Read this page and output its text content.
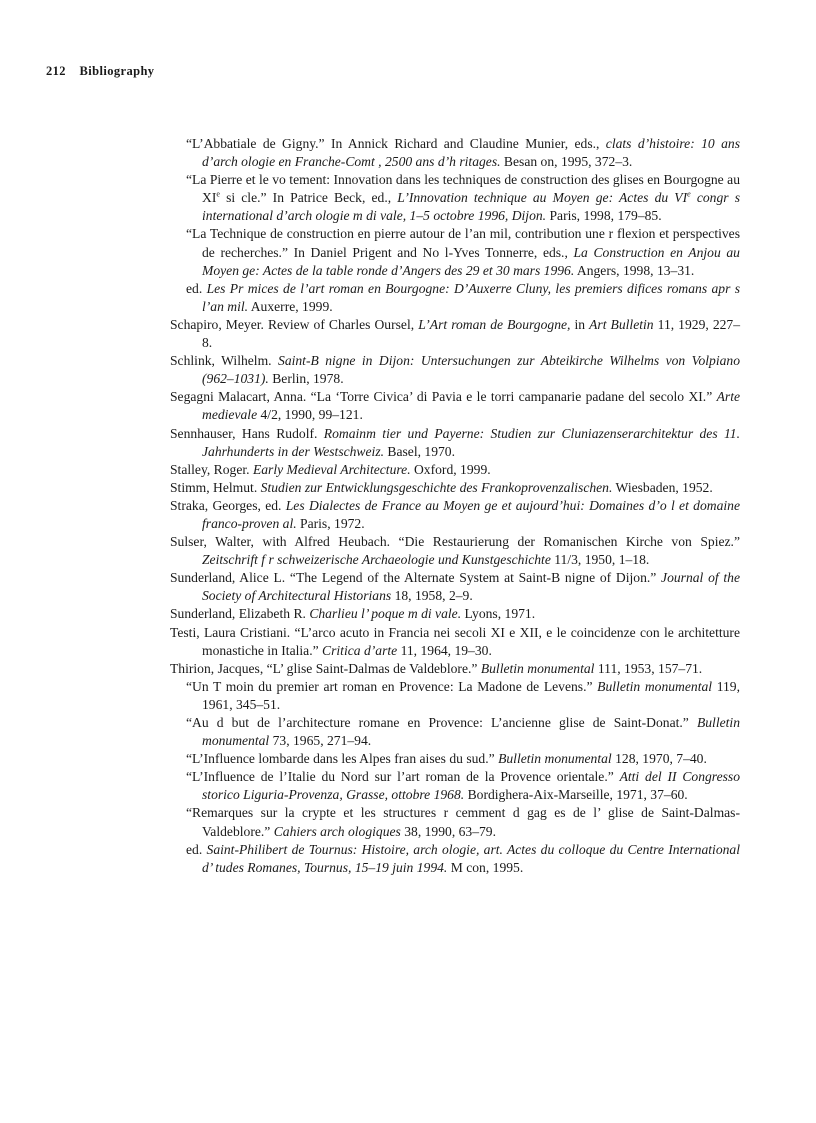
212 Bibliography
“L’Abbatiale de Gigny.” In Annick Richard and Claudine Munier, eds., clats d’histoire: 10 ans d’arch ologie en Franche-Comt , 2500 ans d’h ritages. Besan on, 1995, 372–3.
“La Pierre et le vo tement: Innovation dans les techniques de construction des glises en Bourgogne au XIe si cle.” In Patrice Beck, ed., L’Innovation technique au Moyen ge: Actes du VIe congr s international d’arch ologie m di vale, 1–5 octobre 1996, Dijon. Paris, 1998, 179–85.
“La Technique de construction en pierre autour de l’an mil, contribution une r flexion et perspectives de recherches.” In Daniel Prigent and No l-Yves Tonnerre, eds., La Construction en Anjou au Moyen ge: Actes de la table ronde d’Angers des 29 et 30 mars 1996. Angers, 1998, 13–31.
ed. Les Pr mices de l’art roman en Bourgogne: D’Auxerre Cluny, les premiers difices romans apr s l’an mil. Auxerre, 1999.
Schapiro, Meyer. Review of Charles Oursel, L’Art roman de Bourgogne, in Art Bulletin 11, 1929, 227–8.
Schlink, Wilhelm. Saint-B nigne in Dijon: Untersuchungen zur Abteikirche Wilhelms von Volpiano (962–1031). Berlin, 1978.
Segagni Malacart, Anna. “La ‘Torre Civica’ di Pavia e le torri campanarie padane del secolo XI.” Arte medievale 4/2, 1990, 99–121.
Sennhauser, Hans Rudolf. Romainm tier und Payerne: Studien zur Cluniazenserarchitektur des 11. Jahrhunderts in der Westschweiz. Basel, 1970.
Stalley, Roger. Early Medieval Architecture. Oxford, 1999.
Stimm, Helmut. Studien zur Entwicklungsgeschichte des Frankoprovenzalischen. Wiesbaden, 1952.
Straka, Georges, ed. Les Dialectes de France au Moyen ge et aujourd’hui: Domaines d’o l et domaine franco-proven al. Paris, 1972.
Sulser, Walter, with Alfred Heubach. “Die Restaurierung der Romanischen Kirche von Spiez.” Zeitschrift f r schweizerische Archaeologie und Kunstgeschichte 11/3, 1950, 1–18.
Sunderland, Alice L. “The Legend of the Alternate System at Saint-B nigne of Dijon.” Journal of the Society of Architectural Historians 18, 1958, 2–9.
Sunderland, Elizabeth R. Charlieu l’ poque m di vale. Lyons, 1971.
Testi, Laura Cristiani. “L’arco acuto in Francia nei secoli XI e XII, e le coincidenze con le architetture monastiche in Italia.” Critica d’arte 11, 1964, 19–30.
Thirion, Jacques, “L’ glise Saint-Dalmas de Valdeblore.” Bulletin monumental 111, 1953, 157–71.
“Un T moin du premier art roman en Provence: La Madone de Levens.” Bulletin monumental 119, 1961, 345–51.
“Au d but de l’architecture romane en Provence: L’ancienne glise de Saint-Donat.” Bulletin monumental 73, 1965, 271–94.
“L’Influence lombarde dans les Alpes fran aises du sud.” Bulletin monumental 128, 1970, 7–40.
“L’Influence de l’Italie du Nord sur l’art roman de la Provence orientale.” Atti del II Congresso storico Liguria-Provenza, Grasse, ottobre 1968. Bordighera-Aix-Marseille, 1971, 37–60.
“Remarques sur la crypte et les structures r cemment d gag es de l’ glise de Saint-Dalmas-Valdeblore.” Cahiers arch ologiques 38, 1990, 63–79.
ed. Saint-Philibert de Tournus: Histoire, arch ologie, art. Actes du colloque du Centre International d’ tudes Romanes, Tournus, 15–19 juin 1994. M con, 1995.
